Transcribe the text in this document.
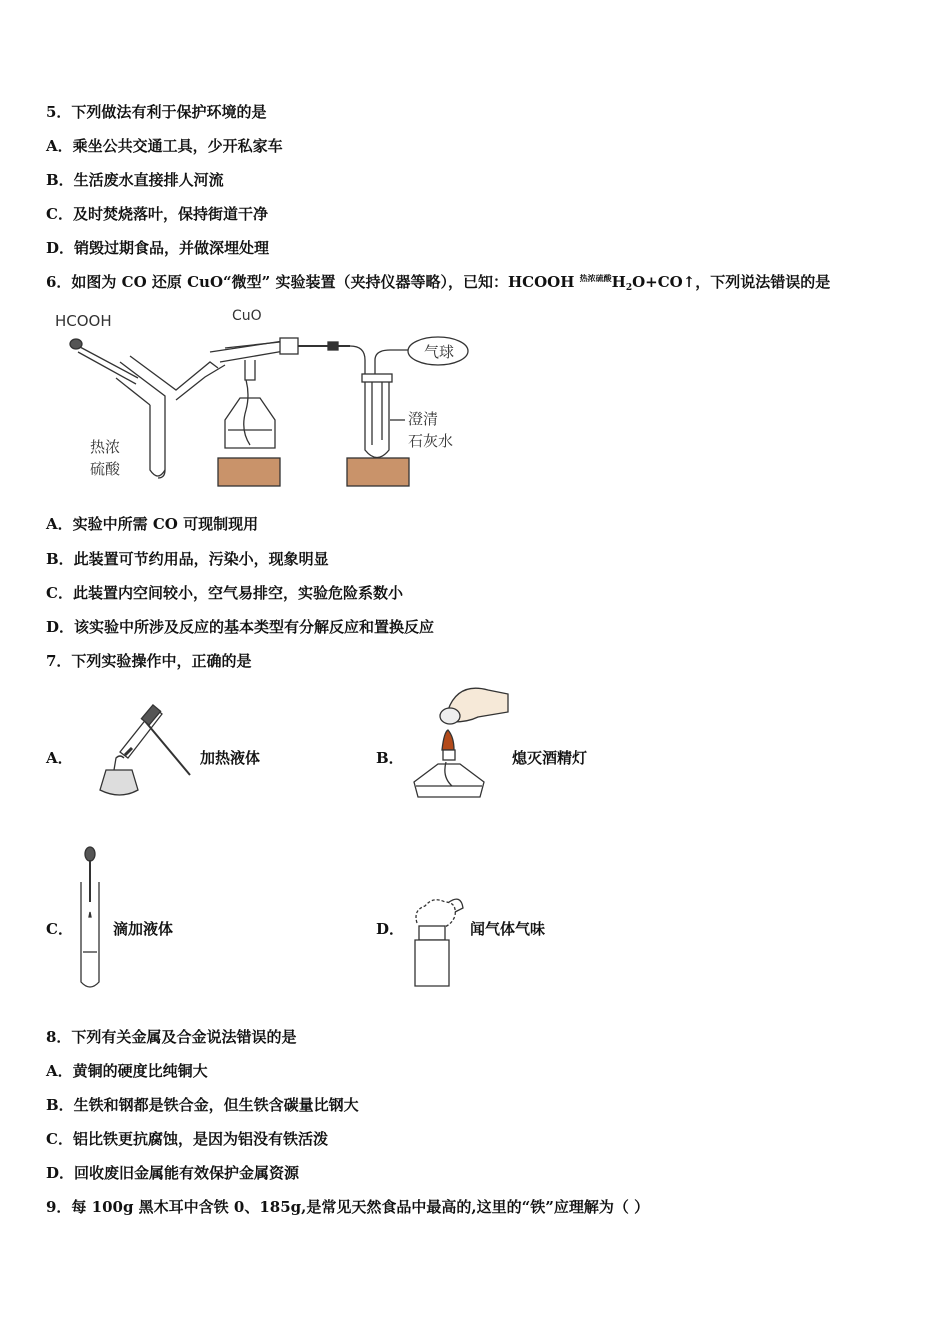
5．下列做法有利于保护环境的是
A．乘坐公共交通工具，少开私家车
B．生活废水直接排人河流
C．及时焚烧落叶，保持街道干净
D．销毁过期食品，并做深埋处理
6．如图为 CO 还原 CuO“微型” 实验装置（夹持仪器等略），已知：HCOOH $^{热浓硫酸}H_2O+CO↑$，下列说法错误的是
HCOOH	CuO
气球
热浓
硫酸
澄清
石灰水
A．实验中所需 CO 可现制现用
B．此装置可节约用品，污染小，现象明显
C．此装置内空间较小，空气易排空，实验危险系数小
D．该实验中所涉及反应的基本类型有分解反应和置换反应
7．下列实验操作中，正确的是
A．	加热液体	B．	熄灭酒精灯
C．	滴加液体	D．	闻气体气味
8．下列有关金属及合金说法错误的是
A．黄铜的硬度比纯铜大
B．生铁和钢都是铁合金，但生铁含碳量比钢大
C．铝比铁更抗腐蚀，是因为铝没有铁活泼
D．回收废旧金属能有效保护金属资源
9．每 100g 黑木耳中含铁 0、185g,是常见天然食品中最高的,这里的“铁”应理解为（ ）
